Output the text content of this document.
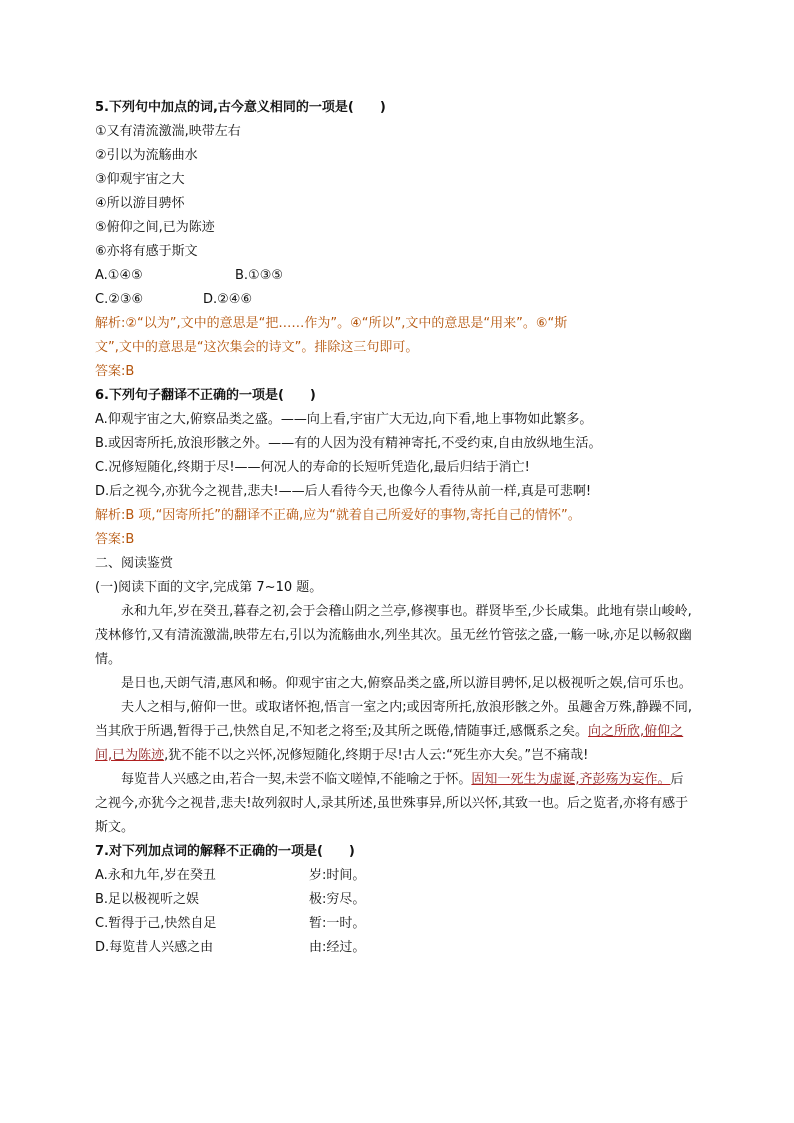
5.下列句中加点的词,古今意义相同的一项是(　　)

①又有清流激湍,映带左右

②引以为流觞曲水

③仰观宇宙之大

④所以游目骋怀

⑤俯仰之间,已为陈迹

⑥亦将有感于斯文

A.①④⑤	B.①③⑤
C.②③⑥	D.②④⑥

解析:②“以为”,文中的意思是“把……作为”。④“所以”,文中的意思是“用来”。⑥“斯

文”,文中的意思是“这次集会的诗文”。排除这三句即可。

答案:B

6.下列句子翻译不正确的一项是(　　)

A.仰观宇宙之大,俯察品类之盛。——向上看,宇宙广大无边,向下看,地上事物如此繁多。

B.或因寄所托,放浪形骸之外。——有的人因为没有精神寄托,不受约束,自由放纵地生活。

C.况修短随化,终期于尽!——何况人的寿命的长短听凭造化,最后归结于消亡!

D.后之视今,亦犹今之视昔,悲夫!——后人看待今天,也像今人看待从前一样,真是可悲啊!

解析:B 项,“因寄所托”的翻译不正确,应为“就着自己所爱好的事物,寄托自己的情怀”。

答案:B

二、阅读鉴赏

(一)阅读下面的文字,完成第 7~10 题。

永和九年,岁在癸丑,暮春之初,会于会稽山阴之兰亭,修禊事也。群贤毕至,少长咸集。此地有崇山峻岭,茂林修竹,又有清流激湍,映带左右,引以为流觞曲水,列坐其次。虽无丝竹管弦之盛,一觞一咏,亦足以畅叙幽情。

是日也,天朗气清,惠风和畅。仰观宇宙之大,俯察品类之盛,所以游目骋怀,足以极视听之娱,信可乐也。

夫人之相与,俯仰一世。或取诸怀抱,悟言一室之内;或因寄所托,放浪形骸之外。虽趣舍万殊,静躁不同,当其欣于所遇,暂得于己,快然自足,不知老之将至;及其所之既倦,情随事迁,感慨系之矣。向之所欣,俯仰之间,已为陈迹,犹不能不以之兴怀,况修短随化,终期于尽!古人云:“死生亦大矣。”岂不痛哉!

每览昔人兴感之由,若合一契,未尝不临文嗟悼,不能喻之于怀。固知一死生为虚诞,齐彭殇为妄作。后之视今,亦犹今之视昔,悲夫!故列叙时人,录其所述,虽世殊事异,所以兴怀,其致一也。后之览者,亦将有感于斯文。

7.对下列加点词的解释不正确的一项是(　　)

A.永和九年,岁在癸丑	岁:时间。
B.足以极视听之娱	极:穷尽。
C.暂得于己,快然自足	暂:一时。
D.每览昔人兴感之由	由:经过。
